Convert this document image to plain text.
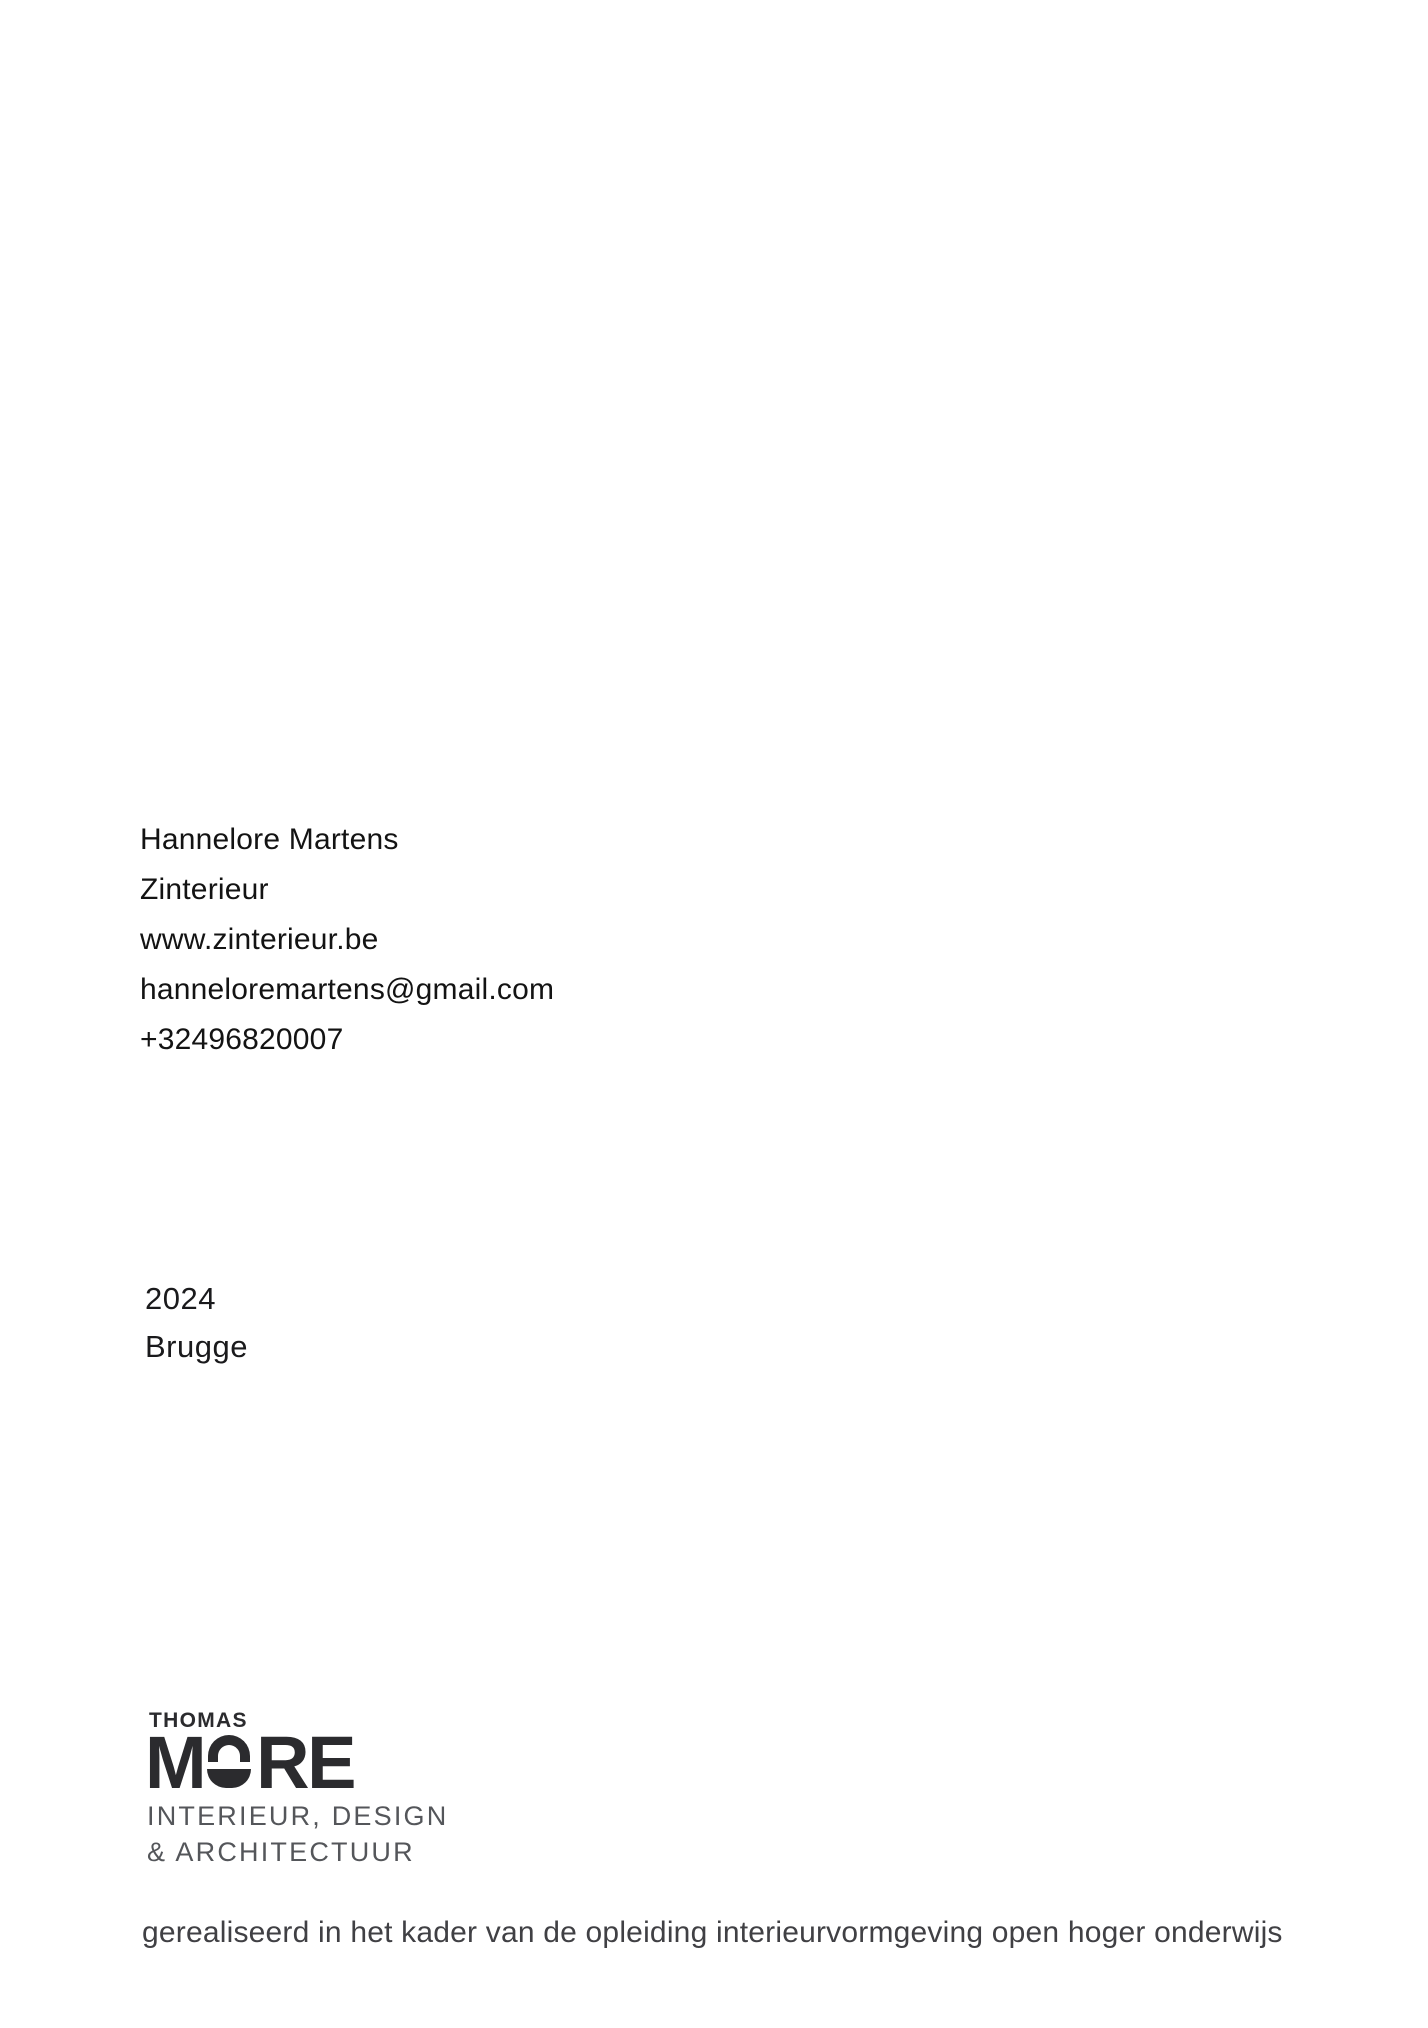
Hannelore Martens
Zinterieur
www.zinterieur.be
hanneloremartens@gmail.com
+32496820007
2024
Brugge
THOMAS
M RE
INTERIEUR, DESIGN
& ARCHITECTUUR
gerealiseerd in het kader van de opleiding interieurvormgeving open hoger onderwijs
